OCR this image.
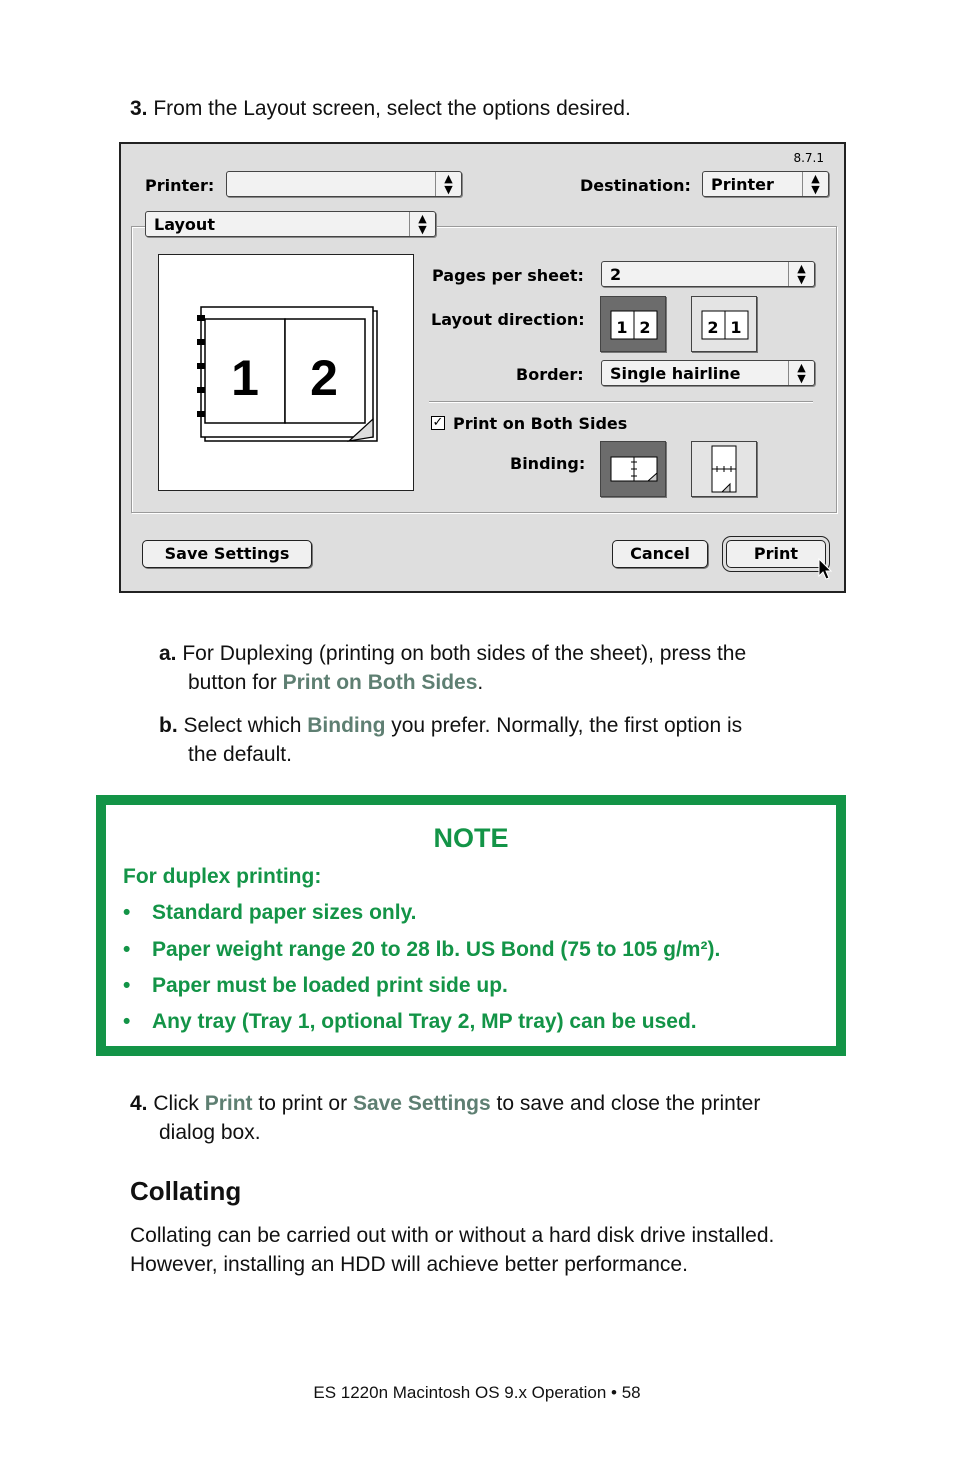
3. From the Layout screen, select the options desired.
8.7.1
Printer:	▲
▼	Destination: Printer	▲
▼
Layout	▲
▼
1 2
Pages per sheet: 2	▲
▼
Layout direction: 1 2	2 1
Border: Single hairline	▲
▼
✓ Print on Both Sides
Binding:
Save Settings	Cancel	Print
a. For Duplexing (printing on both sides of the sheet), press the
button for Print on Both Sides.
b. Select which Binding you prefer. Normally, the first option is
the default.
NOTE
For duplex printing:
• Standard paper sizes only.
• Paper weight range 20 to 28 lb. US Bond (75 to 105 g/m²).
• Paper must be loaded print side up.
• Any tray (Tray 1, optional Tray 2, MP tray) can be used.
4. Click Print to print or Save Settings to save and close the printer
dialog box.
Collating
Collating can be carried out with or without a hard disk drive installed.
However, installing an HDD will achieve better performance.
ES 1220n Macintosh OS 9.x Operation • 58
